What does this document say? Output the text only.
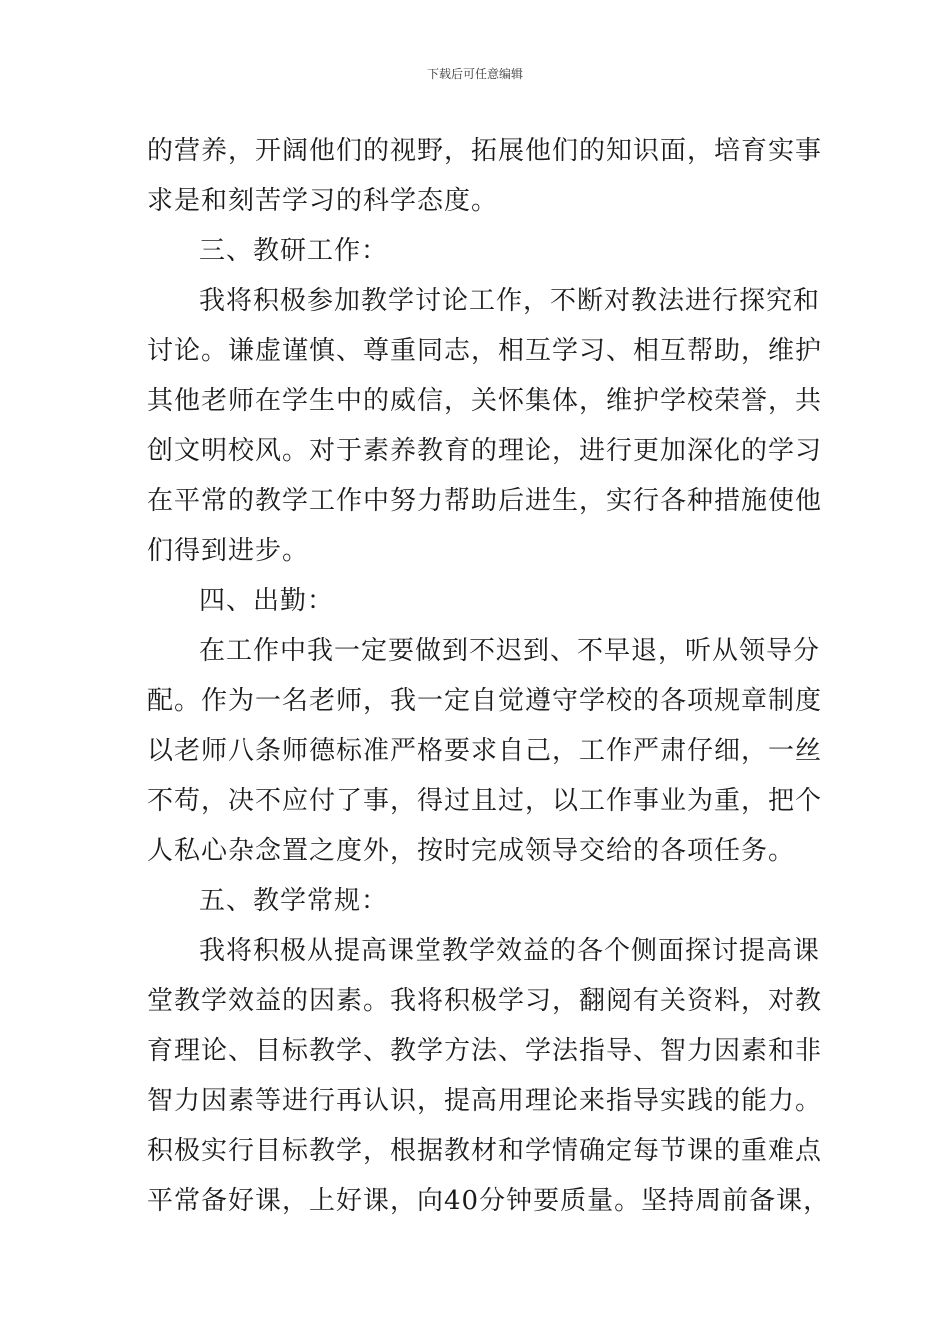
下载后可任意编辑
的营养，开阔他们的视野，拓展他们的知识面，培育实事
求是和刻苦学习的科学态度。
三、教研工作：
我将积极参加教学讨论工作，不断对教法进行探究和
讨论。谦虚谨慎、尊重同志，相互学习、相互帮助，维护
其他老师在学生中的威信，关怀集体，维护学校荣誉，共
创文明校风。对于素养教育的理论，进行更加深化的学习
在平常的教学工作中努力帮助后进生，实行各种措施使他
们得到进步。
四、出勤：
在工作中我一定要做到不迟到、不早退，听从领导分
配。作为一名老师，我一定自觉遵守学校的各项规章制度
以老师八条师德标准严格要求自己，工作严肃仔细，一丝
不苟，决不应付了事，得过且过，以工作事业为重，把个
人私心杂念置之度外，按时完成领导交给的各项任务。
五、教学常规：
我将积极从提高课堂教学效益的各个侧面探讨提高课
堂教学效益的因素。我将积极学习，翻阅有关资料，对教
育理论、目标教学、教学方法、学法指导、智力因素和非
智力因素等进行再认识，提高用理论来指导实践的能力。
积极实行目标教学，根据教材和学情确定每节课的重难点
平常备好课，上好课，向40分钟要质量。坚持周前备课，
